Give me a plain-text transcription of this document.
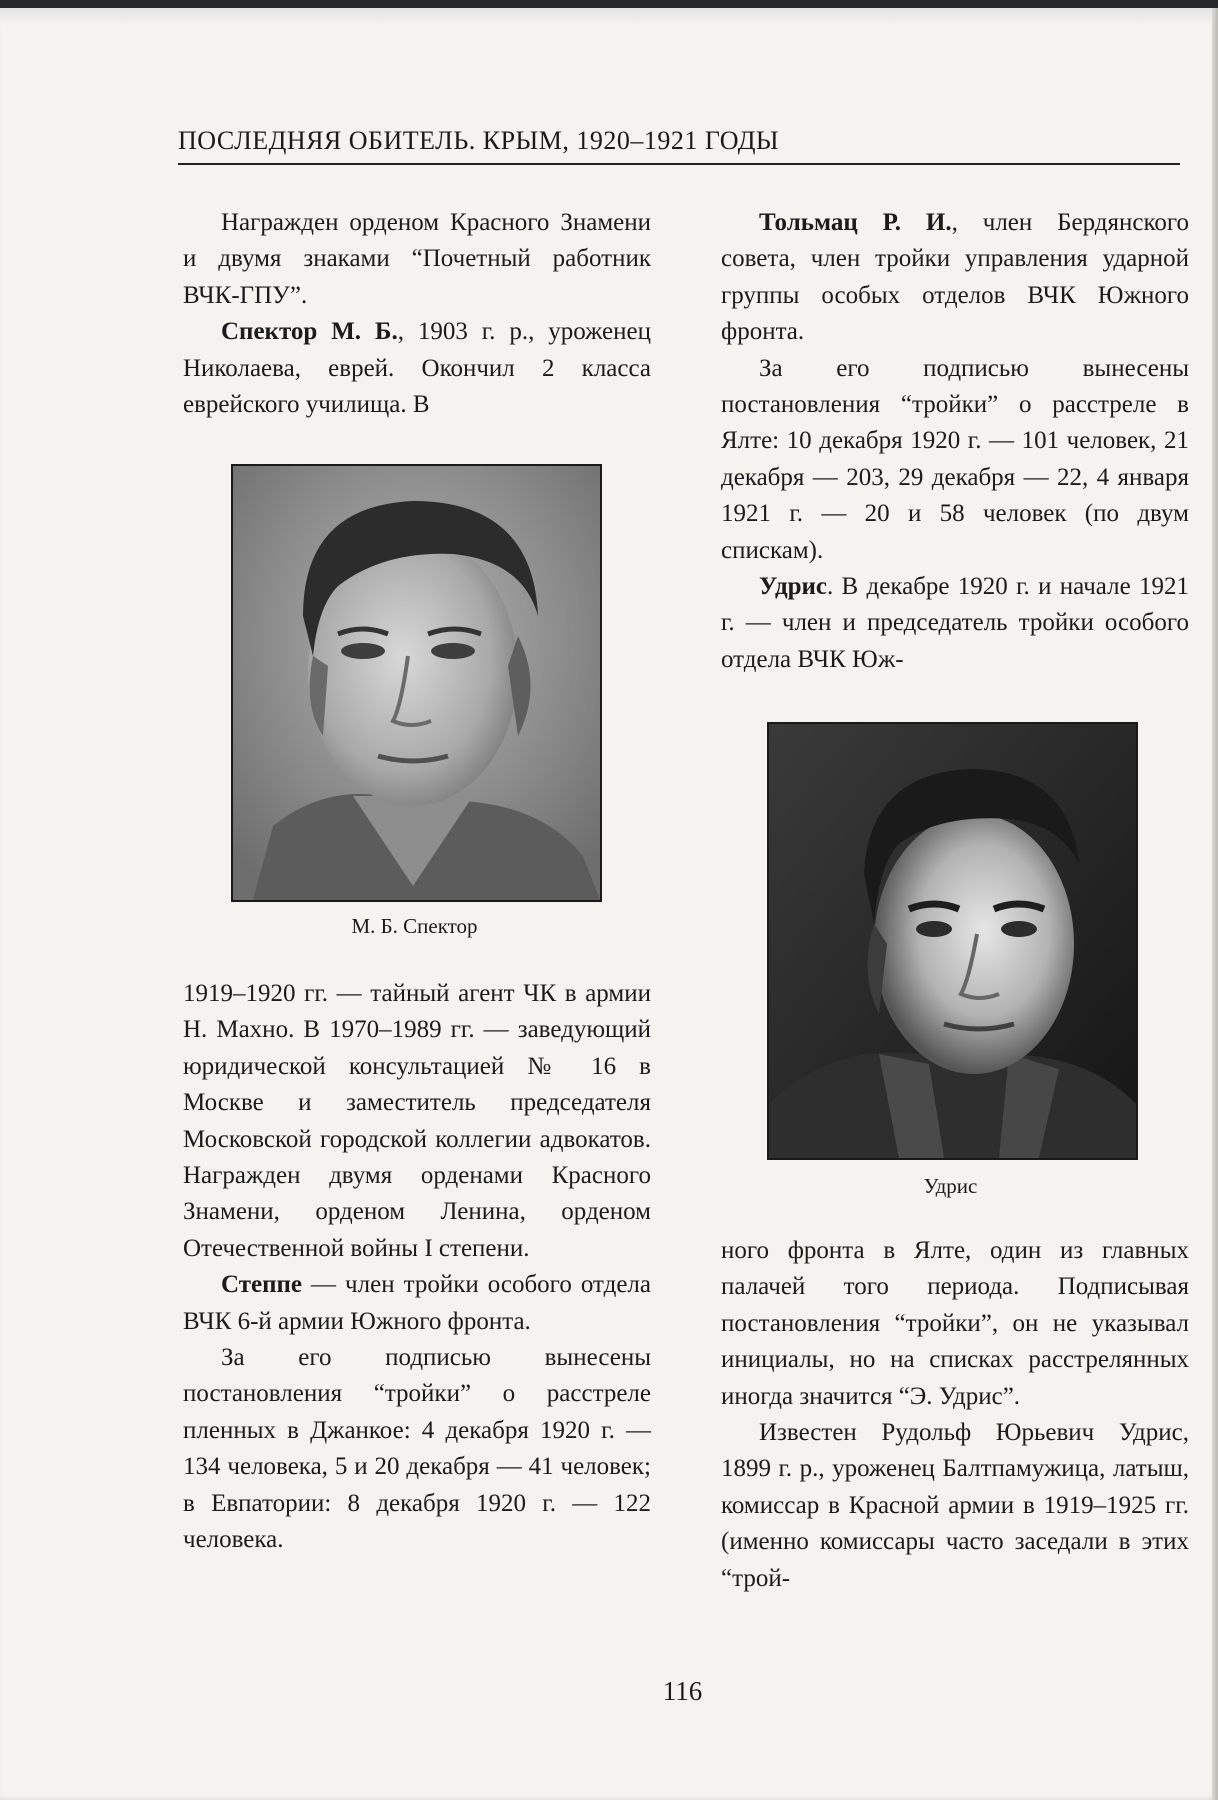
ПОСЛЕДНЯЯ ОБИТЕЛЬ. КРЫМ, 1920–1921 ГОДЫ

Награжден орденом Красного Знамени и двумя знаками “Почетный работник ВЧК-ГПУ”.

Спектор М. Б., 1903 г. р., уроженец Николаева, еврей. Окончил 2 класса еврейского училища. В

М. Б. Спектор

1919–1920 гг. — тайный агент ЧК в армии Н. Махно. В 1970–1989 гг. — заведующий юридической консультацией № 16 в Москве и заместитель председателя Московской городской коллегии адвокатов. Награжден двумя орденами Красного Знамени, орденом Ленина, орденом Отечественной войны I степени.

Степпе — член тройки особого отдела ВЧК 6-й армии Южного фронта.

За его подписью вынесены постановления “тройки” о расстреле пленных в Джанкое: 4 декабря 1920 г. — 134 человека, 5 и 20 декабря — 41 человек; в Евпатории: 8 декабря 1920 г. — 122 человека.

Тольмац Р. И., член Бердянского совета, член тройки управления ударной группы особых отделов ВЧК Южного фронта.

За его подписью вынесены постановления “тройки” о расстреле в Ялте: 10 декабря 1920 г. — 101 человек, 21 декабря — 203, 29 декабря — 22, 4 января 1921 г. — 20 и 58 человек (по двум спискам).

Удрис. В декабре 1920 г. и начале 1921 г. — член и председатель тройки особого отдела ВЧК Юж-

Удрис

ного фронта в Ялте, один из главных палачей того периода. Подписывая постановления “тройки”, он не указывал инициалы, но на списках расстрелянных иногда значится “Э. Удрис”.

Известен Рудольф Юрьевич Удрис, 1899 г. р., уроженец Балтпамужица, латыш, комиссар в Красной армии в 1919–1925 гг. (именно комиссары часто заседали в этих “трой-

116
